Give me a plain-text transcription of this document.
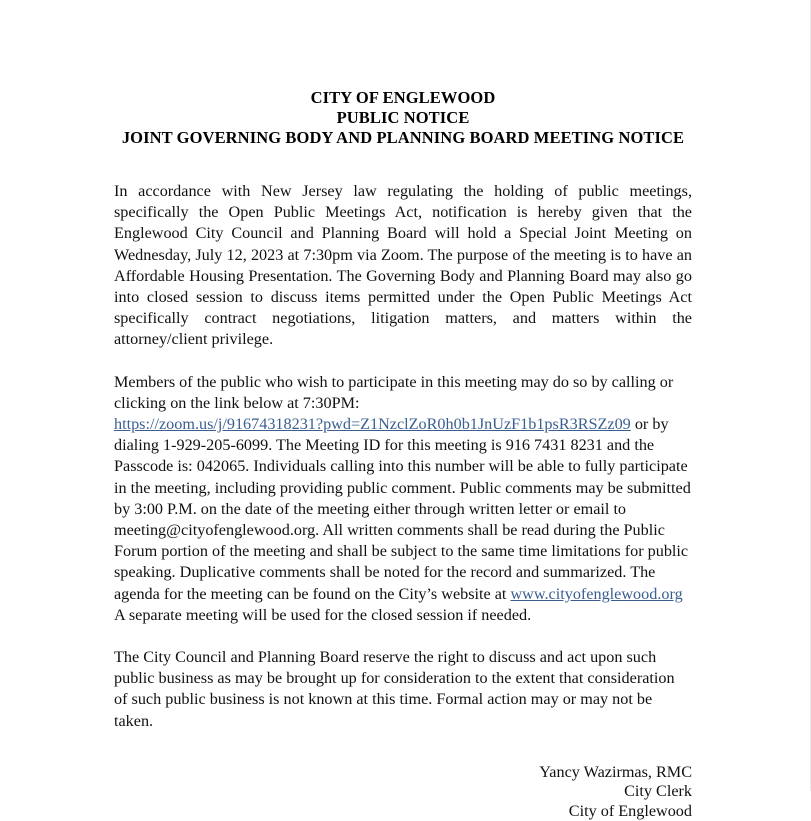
CITY OF ENGLEWOOD
PUBLIC NOTICE
JOINT GOVERNING BODY AND PLANNING BOARD MEETING NOTICE

In accordance with New Jersey law regulating the holding of public meetings, specifically the Open Public Meetings Act, notification is hereby given that the Englewood City Council and Planning Board will hold a Special Joint Meeting on Wednesday, July 12, 2023 at 7:30pm via Zoom. The purpose of the meeting is to have an Affordable Housing Presentation. The Governing Body and Planning Board may also go into closed session to discuss items permitted under the Open Public Meetings Act specifically contract negotiations, litigation matters, and matters within the attorney/client privilege.

Members of the public who wish to participate in this meeting may do so by calling or clicking on the link below at 7:30PM:
https://zoom.us/j/91674318231?pwd=Z1NzclZoR0h0b1JnUzF1b1psR3RSZz09 or by dialing 1-929-205-6099. The Meeting ID for this meeting is 916 7431 8231 and the Passcode is: 042065. Individuals calling into this number will be able to fully participate in the meeting, including providing public comment. Public comments may be submitted by 3:00 P.M. on the date of the meeting either through written letter or email to meeting@cityofenglewood.org. All written comments shall be read during the Public Forum portion of the meeting and shall be subject to the same time limitations for public speaking. Duplicative comments shall be noted for the record and summarized. The agenda for the meeting can be found on the City’s website at www.cityofenglewood.org
A separate meeting will be used for the closed session if needed.

The City Council and Planning Board reserve the right to discuss and act upon such public business as may be brought up for consideration to the extent that consideration of such public business is not known at this time. Formal action may or may not be taken.

Yancy Wazirmas, RMC
City Clerk
City of Englewood
